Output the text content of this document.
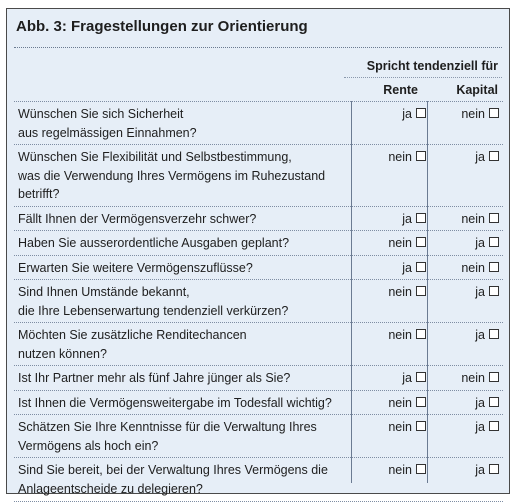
Abb. 3: Fragestellungen zur Orientierung
Spricht tendenziell für
Rente	Kapital
Wünschen Sie sich Sicherheit
aus regelmässigen Einnahmen?
ja	nein
Wünschen Sie Flexibilität und Selbstbestimmung,
was die Verwendung Ihres Vermögens im Ruhezustand
betrifft?
nein	ja
Fällt Ihnen der Vermögensverzehr schwer?	ja	nein
Haben Sie ausserordentliche Ausgaben geplant?	nein	ja
Erwarten Sie weitere Vermögenszuflüsse?	ja	nein
Sind Ihnen Umstände bekannt,
die Ihre Lebenserwartung tendenziell verkürzen?
nein	ja
Möchten Sie zusätzliche Renditechancen
nutzen können?
nein	ja
Ist Ihr Partner mehr als fünf Jahre jünger als Sie?	ja	nein
Ist Ihnen die Vermögensweitergabe im Todesfall wichtig?	nein	ja
Schätzen Sie Ihre Kenntnisse für die Verwaltung Ihres
Vermögens als hoch ein?
nein	ja
Sind Sie bereit, bei der Verwaltung Ihres Vermögens die
Anlageentscheide zu delegieren?
nein	ja
